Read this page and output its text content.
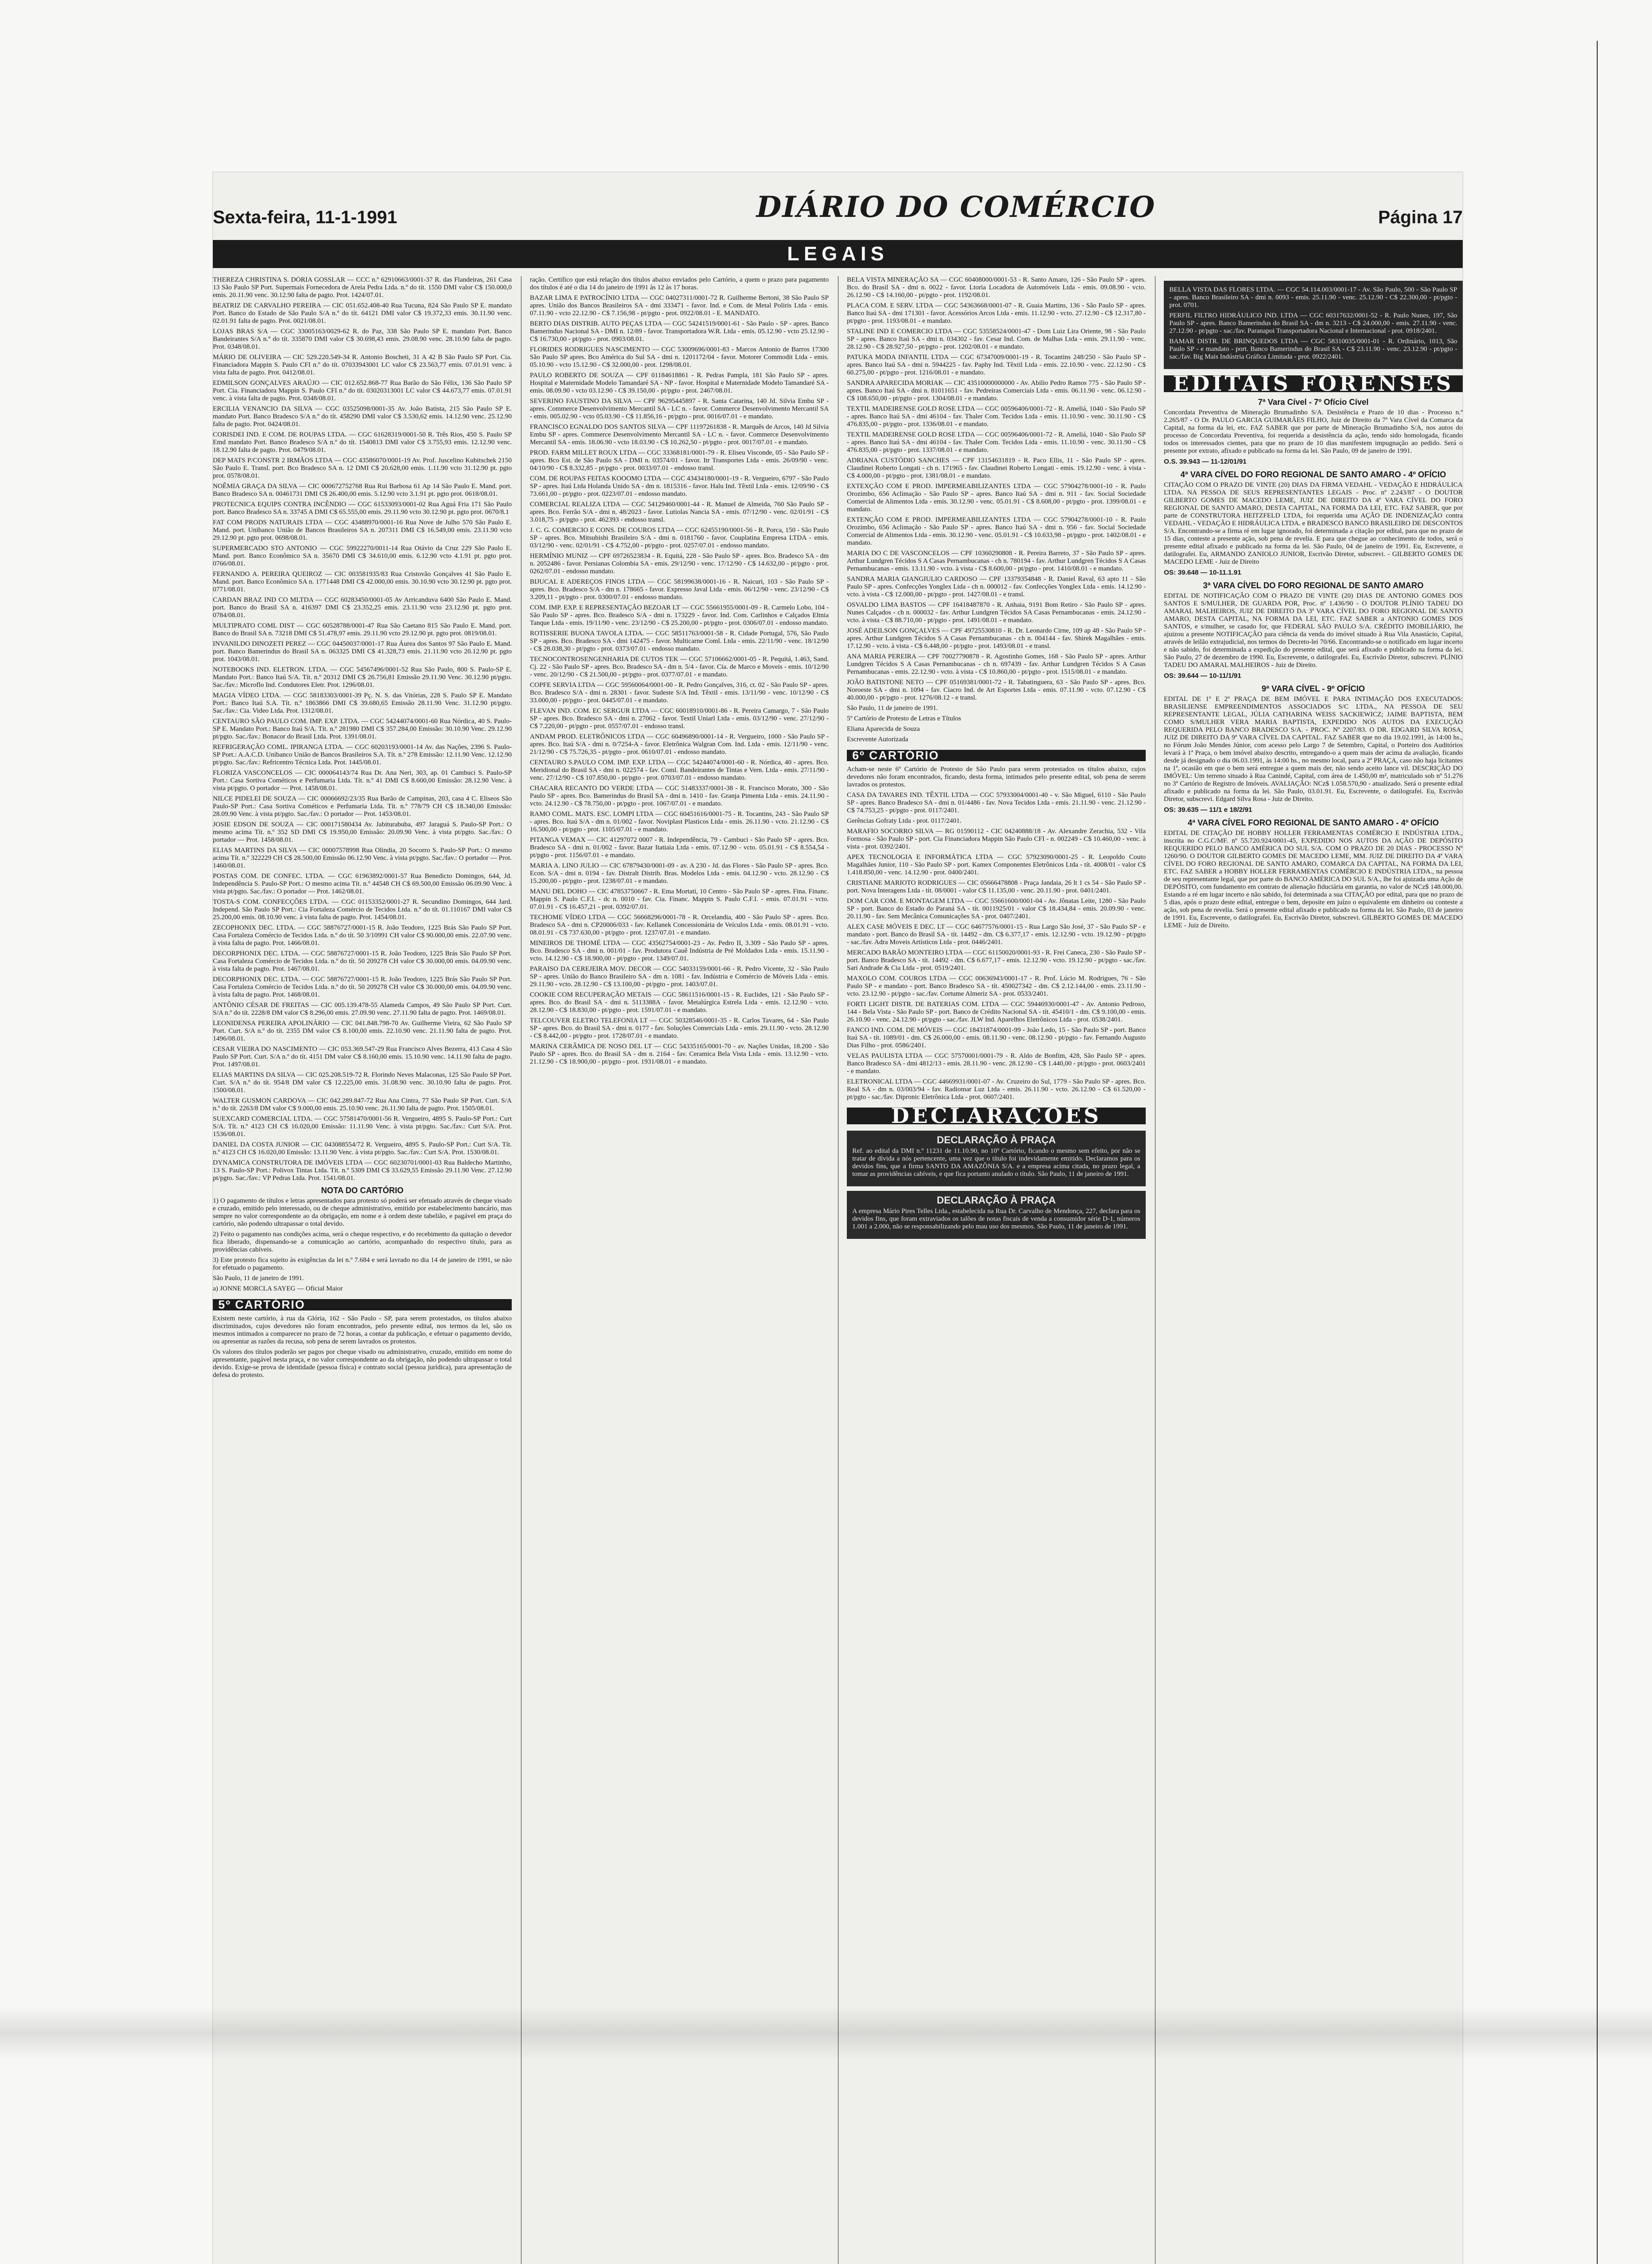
Sexta-feira, 11-1-1991	DIÁRIO DO COMÉRCIO	Página 17
LEGAIS

THEREZA CHRISTINA S. DÓRIA GOSSLAR — CCC n.º 62910663/0001-37 R. das Flandeiras, 261 Casa 13 São Paulo SP Port. Supermais Fornecedora de Areia Pedra Ltda. n.º do tít. 1550 DMI valor C$ 150.000,0 emis. 20.11.90 venc. 30.12.90 falta de pagto. Prot. 1424/07.01.

BEATRIZ DE CARVALHO PEREIRA — CIC 051.652.408-40 Rua Tucuna, 824 São Paulo SP E. mandato Port. Banco do Estado de São Paulo S/A n.º do tít. 64121 DMI valor C$ 19.372,33 emis. 30.11.90 venc. 02.01.91 falta de pagto. Prot. 0021/08.01.

LOJAS BRAS S/A — CGC 33005163/0029-62 R. do Paz, 338 São Paulo SP E. mandato Port. Banco Bandeirantes S/A n.º do tít. 335870 DMI valor C$ 30.698,43 emis. 29.08.90 venc. 28.10.90 falta de pagto. Prot. 0348/08.01.

MÁRIO DE OLIVEIRA — CIC 529.220.549-34 R. Antonio Boscheti, 31 A 42 B São Paulo SP Port. Cia. Financiadora Mappin S. Paulo CFI n.º do tít. 07033943001 LC valor C$ 23.563,77 emis. 07.01.91 venc. à vista falta de pagto. Prot. 0412/08.01.

EDMILSON GONÇALVES ARAÚJO — CIC 012.652.868-77 Rua Barão do São Félix, 136 São Paulo SP Port. Cia. Financiadora Mappin S. Paulo CFI n.º do tít. 03020313001 LC valor C$ 44.673,77 emis. 07.01.91 venc. à vista falta de pagto. Prot. 0348/08.01.

ERCILIA VENANCIO DA SILVA — CGC 03525098/0001-35 Av. João Batista, 215 São Paulo SP E. mandato Port. Banco Bradesco S/A n.º do tít. 458290 DMI valor C$ 3.530,62 emis. 14.12.90 venc. 25.12.90 falta de pagto. Prot. 0424/08.01.

CORISDEI IND. E COM. DE ROUPAS LTDA. — CGC 61628319/0001-50 R. Três Rios, 450 S. Paulo SP Emd mandato Port. Banco Bradesco S/A n.º do tít. 1540813 DMI valor C$ 3.755,93 emis. 12.12.90 venc. 18.12.90 falta de pagto. Prot. 0479/08.01.

DEP MATS P/CONSTR 2 IRMÃOS LTDA — CGC 43586070/0001-19 Av. Prof. Juscelino Kubitschek 2150 São Paulo E. Transl. port. Bco Bradesco SA n. 12 DMI C$ 20.628,00 emis. 1.11.90 vcto 31.12.90 pt. pgto prot. 0578/08.01.

NOÊMIA GRAÇA DA SILVA — CIC 000672752768 Rua Rui Barbosa 61 Ap 14 São Paulo E. Mand. port. Banco Bradesco SA n. 00461731 DMI C$ 26.400,00 emis. 5.12.90 vcto 3.1.91 pt. pgto prot. 0618/08.01.

PROTECNICA EQUIPS CONTRA INCÊNDIO — CGC 61533093/0001-02 Rua Aguá Fria 171 São Paulo port. Banco Bradesco SA n. 33745 A DMI C$ 65.555,00 emis. 29.11.90 vcto 30.12.90 pt. pgto prot. 0670/8.1

FAT COM PRODS NATURAIS LTDA — CGC 43488970/0001-16 Rua Nove de Julho 570 São Paulo E. Mand. port. Unibanco União de Bancos Brasileiros SA n. 207311 DMI C$ 16.549,00 emis. 23.11.90 vcto 29.12.90 pt. pgto prot. 0698/08.01.

SUPERMERCADO STO ANTONIO — CGC 59922270/0011-14 Rua Otávio da Cruz 229 São Paulo E. Mand. port. Banco Econômico SA n. 35670 DMI C$ 34.610,00 emis. 6.12.90 vcto 4.1.91 pt. pgto prot. 0766/08.01.

FERNANDO A. PEREIRA QUEIROZ — CIC 003581935/83 Rua Cristovão Gonçalves 41 São Paulo E. Mand. port. Banco Econômico SA n. 1771448 DMI C$ 42.000,00 emis. 30.10.90 vcto 30.12.90 pt. pgto prot. 0771/08.01.

CARDAN BRAZ IND CO MLTDA — CGC 60283450/0001-05 Av Arricanduva 6400 São Paulo E. Mand. port. Banco do Brasil SA n. 416397 DMI C$ 23.352,25 emis. 23.11.90 vcto 23.12.90 pt. pgto prot. 0784/08.01.

MULTIPRATO COML DIST — CGC 60528788/0001-47 Rua São Caetano 815 São Paulo E. Mand. port. Banco do Brasil SA n. 73218 DMI C$ 51.478,97 emis. 29.11.90 vcto 29.12.90 pt. pgto prot. 0819/08.01.

INVANILDO DINOZETI PEREZ — CGC 04450037/0001-17 Rua Áurea dos Santos 97 São Paulo E. Mand. port. Banco Bamerindus do Brasil SA n. 063325 DMI C$ 41.328,73 emis. 21.11.90 vcto 20.12.90 pt. pgto prot. 1043/08.01.

NOTEBOOKS IND. ELETRON. LTDA. — CGC 54567496/0001-52 Rua São Paulo, 800 S. Paulo-SP E. Mandato Port.: Banco Itaú S/A. Tít. n.º 20312 DMI C$ 26.756,81 Emissão 29.11.90 Venc. 30.12.90 pt/pgto. Sac./fav.: Microflo Ind. Condutores Eletr. Prot. 1296/08.01.

MAGIA VÍDEO LTDA. — CGC 58183303/0001-39 Pç. N. S. das Vitórias, 228 S. Paulo SP E. Mandato Port.: Banco Itaú S.A. Tít. n.º 1863866 DMI C$ 39.680,65 Emissão 28.11.90 Venc. 31.12.90 pt/pgto. Sac./fav.: Cia. Video Ltda. Prot. 1312/08.01.

CENTAURO SÃO PAULO COM. IMP. EXP. LTDA. — CGC 54244074/0001-60 Rua Nórdica, 40 S. Paulo-SP E. Mandato Port.: Banco Itaú S/A. Tít. n.º 281980 DMI C$ 357.284,00 Emissão: 30.10.90 Venc. 29.12.90 pt/pgto. Sac./fav.: Bonacor do Brasil Ltda. Prot. 1391/08.01.

REFRIGERAÇÃO COML. IPIRANGA LTDA. — CGC 60203193/0001-14 Av. das Nações, 2396 S. Paulo-SP Port.: A.A.C.D. Unibanco União de Bancos Brasileiros S.A. Tít. n.º 278 Emissão: 12.11.90 Venc. 12.12.90 pt/pgto. Sac./fav.: Refricentro Técnica Ltda. Prot. 1445/08.01.

FLORIZA VASCONCELOS — CIC 000064143/74 Rua Dr. Ana Neri, 303, ap. 01 Cambuci S. Paulo-SP Port.: Casa Sortiva Cométicos e Perfumaria Ltda. Tít. n.º 41 DMI C$ 8.600,00 Emissão: 28.12.90 Venc. à vista pt/pgto. O portador — Prot. 1458/08.01.

NILCE PIDELEI DE SOUZA — CIC 00066692/23/35 Rua Barão de Campinas, 203, casa 4 C. Eliseos São Paulo-SP Port.: Casa Sortiva Cométicos e Perfumaria Ltda. Tít. n.º 778/79 CH C$ 18.340,00 Emissão: 28.09.90 Venc. à vista pt/pgto. Sac./fav.: O portador — Prot. 1453/08.01.

JOSIE EDSON DE SOUZA — CIC 000171580434 Av. Jabiturabuba, 497 Jaraguá S. Paulo-SP Port.: O mesmo acima Tít. n.º 352 SD DMI C$ 19.950,00 Emissão: 20.09.90 Venc. à vista pt/pgto. Sac./fav.: O portador — Prot. 1458/08.01.

ELIAS MARTINS DA SILVA — CIC 00007578998 Rua Olindia, 20 Socorro S. Paulo-SP Port.: O mesmo acima Tít. n.º 322229 CH C$ 28.500,00 Emissão 06.12.90 Venc. à vista pt/pgto. Sac./fav.: O portador — Prot. 1460/08.01.

POSTAS COM. DE CONFEC. LTDA. — CGC 61963892/0001-57 Rua Benedicto Domingos, 644, Jd. Independência S. Paulo-SP Port.: O mesmo acima Tít. n.º 44548 CH C$ 69.500,00 Emissão 06.09.90 Venc. à vista pt/pgto. Sac./fav.: O portador — Prot. 1462/08.01.

TOSTA-S COM. CONFECÇÕES LTDA. — CGC 01153352/0001-27 R. Secundino Domingos, 644 Jard. Independ. São Paulo SP Port.: Cia Fortaleza Comércio de Tecidos Ltda. n.º do tít. 01.110167 DMI valor C$ 25.200,00 emis. 08.10.90 venc. à vista falta de pagto. Prot. 1454/08.01.

ZECOPHONIX DEC. LTDA. — CGC 58876727/0001-15 R. João Teodoro, 1225 Brás São Paulo SP Port. Casa Fortaleza Comércio de Tecidos Ltda. n.º do tít. 50 3/10991 CH valor C$ 90.000,00 emis. 22.07.90 venc. à vista falta de pagto. Prot. 1466/08.01.

DECORPHONIX DEC. LTDA. — CGC 58876727/0001-15 R. João Teodoro, 1225 Brás São Paulo SP Port. Casa Fortaleza Comércio de Tecidos Ltda. n.º do tít. 50 209278 CH valor C$ 30.000,00 emis. 04.09.90 venc. à vista falta de pagto. Prot. 1467/08.01.

DECORPHONIX DEC. LTDA. — CGC 58876727/0001-15 R. João Teodoro, 1225 Brás São Paulo SP Port. Casa Fortaleza Comércio de Tecidos Ltda. n.º do tít. 50 209278 CH valor C$ 30.000,00 emis. 04.09.90 venc. à vista falta de pagto. Prot. 1468/08.01.

ANTÔNIO CÉSAR DE FREITAS — CIC 005.139.478-55 Alameda Campos, 49 São Paulo SP Port. Curt. S/A n.º do tít. 2228/8 DM valor C$ 8.296,00 emis. 27.09.90 venc. 27.11.90 falta de pagto. Prot. 1469/08.01.

LEONIDENSA PEREIRA APOLINÁRIO — CIC 041.848.798-70 Av. Guilherme Vieira, 62 São Paulo SP Port. Curt. S/A n.º do tít. 2355 DM valor C$ 8.100,00 emis. 22.10.90 venc. 21.11.90 falta de pagto. Prot. 1496/08.01.

CESAR VIEIRA DO NASCIMENTO — CIC 053.369.547-29 Rua Francisco Alves Bezerra, 413 Casa 4 São Paulo SP Port. Curt. S/A n.º do tít. 4151 DM valor C$ 8.160,00 emis. 15.10.90 venc. 14.11.90 falta de pagto. Prot. 1497/08.01.

ELIAS MARTINS DA SILVA — CIC 025.208.519-72 R. Florindo Neves Malaconas, 125 São Paulo SP Port. Curt. S/A n.º do tít. 954/8 DM valor C$ 12.225,00 emis. 31.08.90 venc. 30.10.90 falta de pagto. Prot. 1500/08.01.

WALTER GUSMON CARDOVA — CIC 042.289.847-72 Rua Ana Cintra, 77 São Paulo SP Port. Curt. S/A n.º do tít. 2263/8 DM valor C$ 9.000,00 emis. 25.10.90 venc. 26.11.90 falta de pagto. Prot. 1505/08.01.

SUEXCARD COMERCIAL LTDA. — CGC 57581470/0001-56 R. Vergueiro, 4895 S. Paulo-SP Port.: Curt S/A. Tít. n.º 4123 CH C$ 16.020,00 Emissão: 11.11.90 Venc. à vista pt/pgto. Sac./fav.: Curt S/A. Prot. 1536/08.01.

DANIEL DA COSTA JUNIOR — CIC 043088554/72 R. Vergueiro, 4895 S. Paulo-SP Port.: Curt S/A. Tít. n.º 4123 CH C$ 16.020,00 Emissão: 13.11.90 Venc. à vista pt/pgto. Sac./fav.: Curt S/A. Prot. 1530/08.01.

DYNAMICA CONSTRUTORA DE IMÓVEIS LTDA — CGC 60230701/0001-03 Rua Baldecho Martinho, 13 S. Paulo-SP Port.: Polivox Tintas Ltda. Tít. n.º 5309 DMI C$ 33.629,55 Emissão 29.11.90 Venc. 27.12.90 pt/pgto. Sac./fav.: VP Pedras Ltda. Prot. 1541/08.01.

NOTA DO CARTÓRIO

1) O pagamento de títulos e letras apresentados para protesto só poderá ser efetuado através de cheque visado e cruzado, emitido pelo interessado, ou de cheque administrativo, emitido por estabelecimento bancário, mas sempre no valor correspondente ao da obrigação, em nome e à ordem deste tabelião, e pagável em praça do cartório, não podendo ultrapassar o total devido.

2) Feito o pagamento nas condições acima, será o cheque respectivo, e do recebimento da quitação o devedor fica liberado, dispensando-se a comunicação ao cartório, acompanhado do respectivo título, para as providências cabíveis.

3) Este protesto fica sujeito às exigências da lei n.º 7.684 e será lavrado no dia 14 de janeiro de 1991, se não for efetuado o pagamento.

São Paulo, 11 de janeiro de 1991.

a) JONNE MORCLA SAYEG — Oficial Maior

5º CARTÓRIO

Existem neste cartório, à rua da Glória, 162 - São Paulo - SP, para serem protestados, os títulos abaixo discriminados, cujos devedores não foram encontrados, pelo presente edital, nos termos da lei, são os mesmos intimados a comparecer no prazo de 72 horas, a contar da publicação, e efetuar o pagamento devido, ou apresentar as razões da recusa, sob pena de serem lavrados os protestos.

Os valores dos títulos poderão ser pagos por cheque visado ou administrativo, cruzado, emitido em nome do apresentante, pagável nesta praça, e no valor correspondente ao da obrigação, não podendo ultrapassar o total devido. Exige-se prova de identidade (pessoa física) e contrato social (pessoa jurídica), para apresentação de defesa do protesto.

ração. Certifico que está relação dos títulos abaixo enviados pelo Cartório, a quem o prazo para pagamento dos títulos é até o dia 14 do janeiro de 1991 às 12 às 17 horas.

BAZAR LIMA E PATROCÍNIO LTDA — CGC 04027311/0001-72 R. Guilherme Bertoni, 38 São Paulo SP apres. União dos Bancos Brasileiros SA - dmi 333471 - favor. Ind. e Com. de Metal Poliris Ltda - emis. 07.11.90 - vcto 22.12.90 - C$ 7.156,98 - pt/pgto - prot. 0922/08.01 - E. MANDATO.

BERTO DIAS DISTRIB. AUTO PEÇAS LTDA — CGC 54241519/0001-61 - São Paulo - SP - apres. Banco Bamerindus Nacional SA - DMI n. 12/89 - favor. Transportadora W.R. Ltda - emis. 05.12.90 - vcto 25.12.90 - C$ 16.730,00 - pt/pgto - prot. 0903/08.01.

FLORIDES RODRIGUES NASCIMENTO — CGC 53009696/0001-83 - Marcos Antonio de Barros 17300 São Paulo SP apres. Bco América do Sul SA - dmi n. 1201172/04 - favor. Motorer Commodit Ltda - emis. 05.10.90 - vcto 15.12.90 - C$ 32.000,00 - prot. 1298/08.01.

PAULO ROBERTO DE SOUZA — CPF 01184618861 - R. Pedras Pampla, 181 São Paulo SP - apres. Hospital e Maternidade Modelo Tamandaré SA - NP - favor. Hospital e Maternidade Modelo Tamandaré SA - emis. 08.09.90 - vcto 03.12.90 - C$ 39.150,00 - pt/pgto - prot. 2467/08.01.

SEVERINO FAUSTINO DA SILVA — CPF 96295445897 - R. Santa Catarina, 140 Jd. Silvia Embu SP - apres. Commerce Desenvolvimento Mercantil SA - LC n. - favor. Commerce Desenvolvimento Mercantil SA - emis. 005.02.90 - vcto 05.03.90 - C$ 11.856,16 - pt/pgto - prot. 0016/07.01 - e mandato.

FRANCISCO EGNALDO DOS SANTOS SILVA — CPF 11197261838 - R. Marquês de Arcos, 140 Jd Silvia Embu SP - apres. Commerce Desenvolvimento Mercantil SA - LC n. - favor. Commerce Desenvolvimento Mercantil SA - emis. 18.06.90 - vcto 18.03.90 - C$ 10.262,50 - pt/pgto - prot. 0017/07.01 - e mandato.

PROD. FARM MILLET ROUX LTDA — CGC 33368181/0001-79 - R. Eliseu Visconde, 05 - São Paulo SP - apres. Bco Est. de São Paulo SA - DMI n. 03574/01 - favor. Itr Transportes Ltda - emis. 26/09/90 - venc. 04/10/90 - C$ 8.332,85 - pt/pgto - prot. 0033/07.01 - endosso transl.

COM. DE ROUPAS FEITAS KOOOMO LTDA — CGC 43434180/0001-19 - R. Vergueiro, 6797 - São Paulo SP - apres. Itaú Ltda Holanda Unido SA - dm n. 1815316 - favor. Halu Ind. Têxtil Ltda - emis. 12/09/90 - C$ 73.661,00 - pt/pgto - prot. 0223/07.01 - endosso mandato.

COMERCIAL REALIZA LTDA — CGC 54129460/0001-44 - R. Manuel de Almeida, 760 São Paulo SP - apres. Bco. Ferrão S/A - dmi n. 48/2023 - favor. Lutiolas Nancia SA - emis. 07/12/90 - venc. 02/01/91 - C$ 3.018,75 - pt/pgto - prot. 462393 - endosso transl.

J. C. G. COMERCIO E CONS. DE COUROS LTDA — CGC 62455190/0001-56 - R. Porca, 150 - São Paulo SP - apres. Bco. Mitsubishi Brasileiro S/A - dmi n. 0181760 - favor. Couplatina Empresa LTDA - emis. 03/12/90 - venc. 02/01/91 - C$ 4.752,00 - pt/pgto - prot. 0257/07.01 - endosso mandato.

HERMÍNIO MUNIZ — CPF 69726523834 - R. Equitá, 228 - São Paulo SP - apres. Bco. Bradesco SA - dm n. 2052486 - favor. Persianas Colombia SA - emis. 29/12/90 - venc. 17/12/90 - C$ 14.632,00 - pt/pgto - prot. 0262/07.01 - endosso mandato.

BIJUCAL E ADEREÇOS FINOS LTDA — CGC 58199638/0001-16 - R. Naicuri, 103 - São Paulo SP - apres. Bco. Bradesco S/A - dm n. 178665 - favor. Expresso Javal Ltda - emis. 06/12/90 - venc. 23/12/90 - C$ 3.209,11 - pt/pgto - prot. 0300/07.01 - endosso mandato.

COM. IMP. EXP. E REPRESENTAÇÃO BEZOAR LT — CGC 55661955/0001-09 - R. Carmelo Lobo, 104 - São Paulo SP - apres. Bco. Bradesco S/A - dmi n. 173229 - favor. Ind. Com. Carlinhos e Calçados Eltnia Tanque Ltda - emis. 19/11/90 - venc. 23/12/90 - C$ 25.200,00 - pt/pgto - prot. 0306/07.01 - endosso mandato.

ROTISSERIE BUONA TAVOLA LTDA. — CGC 58511763/0001-58 - R. Cidade Portugal, 576, São Paulo SP - apres. Bco. Bradesco SA - dmi 142475 - favor. Multicarne Coml. Ltda - emis. 22/11/90 - venc. 18/12/90 - C$ 28.038,30 - pt/pgto - prot. 0373/07.01 - endosso mandato.

TECNOCONTROSENGENHARIA DE CUTOS TEK — CGC 57106662/0001-05 - R. Pequitá, 1.463, Sand. Cj. 22 - São Paulo SP - apres. Bco. Bradesco SA - dm n. 5/4 - favor. Cia. de Marco e Moveis - emis. 10/12/90 - venc. 20/12/90 - C$ 21.500,00 - pt/pgto - prot. 0377/07.01 - e mandato.

COPFE SERVIA LTDA — CGC 59560064/0001-00 - R. Pedro Gonçalves, 316, ct. 02 - São Paulo SP - apres. Bco. Bradesco S/A - dmi n. 28301 - favor. Sudeste S/A Ind. Têxtil - emis. 13/11/90 - venc. 10/12/90 - C$ 33.000,00 - pt/pgto - prot. 0445/07.01 - e mandato.

FLEVAN IND. COM. EC SERGUR LTDA — CGC 60018910/0001-86 - R. Pereira Camargo, 7 - São Paulo SP - apres. Bco. Bradesco SA - dmi n. 27062 - favor. Textil Uniarl Ltda - emis. 03/12/90 - venc. 27/12/90 - C$ 7.220,00 - pt/pgto - prot. 0557/07.01 - endosso transl.

ANDAM PROD. ELETRÔNICOS LTDA — CGC 60496890/0001-14 - R. Vergueiro, 1000 - São Paulo SP - apres. Bco. Itaú S/A - dmi n. 0/7254-A - favor. Eletrônica Walgran Com. Ind. Ltda - emis. 12/11/90 - venc. 21/12/90 - C$ 75.726,35 - pt/pgto - prot. 0610/07.01 - endosso mandato.

CENTAURO S.PAULO COM. IMP. EXP. LTDA — CGC 54244074/0001-60 - R. Nórdica, 40 - apres. Bco. Meridional do Brasil SA - dmi n. 022574 - fav. Coml. Bandeirantes de Tintas e Vern. Ltda - emis. 27/11/90 - venc. 27/12/90 - C$ 107.850,00 - pt/pgto - prot. 0703/07.01 - endosso mandato.

CHACARA RECANTO DO VERDE LTDA — CGC 51483337/0001-38 - R. Francisco Morato, 300 - São Paulo SP - apres. Bco. Bamerindus do Brasil SA - dmi n. 1410 - fav. Granja Pimenta Ltda - emis. 24.11.90 - vcto. 24.12.90 - C$ 78.750,00 - pt/pgto - prot. 1067/07.01 - e mandato.

RAMO COML. MATS. ESC. LOMPI LTDA — CGC 60451616/0001-75 - R. Tocantins, 243 - São Paulo SP - apres. Bco. Itaú S/A - dm n. 01/002 - favor. Noviplast Plasticos Ltda - emis. 26.11.90 - vcto. 21.12.90 - C$ 16.500,00 - pt/pgto - prot. 1105/07.01 - e mandato.

PITANGA VEMAX — CIC 41297072 0007 - R. Independência, 79 - Cambuci - São Paulo SP - apres. Bco. Bradesco SA - dmi n. 01/002 - favor. Bazar Itatiaia Ltda - emis. 07.12.90 - vcto. 05.01.91 - C$ 8.554,54 - pt/pgto - prot. 1156/07.01 - e mandato.

MARIA A. LINO JULIO — CIC 67879430/0001-09 - av. A 230 - Jd. das Flores - São Paulo SP - apres. Bco. Econ. S/A - dmi n. 0194 - fav. Distralt Distrib. Bras. Modelos Ltda - emis. 04.12.90 - vcto. 28.12.90 - C$ 15.200,00 - pt/pgto - prot. 1238/07.01 - e mandato.

MANU DEL DOHO — CIC 47853750667 - R. Ema Mortati, 10 Centro - São Paulo SP - apres. Fina. Financ. Mappin S. Paulo C.F.I. - dc n. 0010 - fav. Cia. Financ. Mappin S. Paulo C.F.I. - emis. 07.01.91 - vcto. 07.01.91 - C$ 16.457,21 - prot. 0392/07.01.

TECHOME VÍDEO LTDA — CGC 56668296/0001-78 - R. Orcelandia, 400 - São Paulo SP - apres. Bco. Bradesco SA - dmi n. CP20006/033 - fav. Kellanek Concessionária de Veículos Ltda - emis. 08.01.91 - vcto. 08.01.91 - C$ 737.630,00 - pt/pgto - prot. 1237/07.01 - e mandato.

MINEIROS DE THOMÉ LTDA — CGC 43562754/0001-23 - Av. Pedro II, 3.309 - São Paulo SP - apres. Bco. Bradesco SA - dmi n. 001/01 - fav. Produtora Cauê Indústria de Pré Moldados Ltda - emis. 15.11.90 - vcto. 14.12.90 - C$ 18.900,00 - pt/pgto - prot. 1349/07.01.

PARAISO DA CEREJEIRA MOV. DECOR — CGC 54033159/0001-66 - R. Pedro Vicente, 32 - São Paulo SP - apres. União do Banco Brasileiro SA - dm n. 1081 - fav. Indústria e Comércio de Móveis Ltda - emis. 29.11.90 - vcto. 28.12.90 - C$ 13.100,00 - pt/pgto - prot. 1403/07.01.

COOKIE COM RECUPERAÇÃO METAIS — CGC 58611516/0001-15 - R. Euclides, 121 - São Paulo SP - apres. Bco. do Brasil SA - dmi n. 5113388A - favor. Metalúrgica Estrela Ltda - emis. 12.12.90 - vcto. 28.12.90 - C$ 18.830,00 - pt/pgto - prot. 1591/07.01 - e mandato.

TELCOUVER ELETRO TELEFONIA LT — CGC 50328546/0001-35 - R. Carlos Tavares, 64 - São Paulo SP - apres. Bco. do Brasil SA - dmi n. 0177 - fav. Soluções Comerciais Ltda - emis. 29.11.90 - vcto. 28.12.90 - C$ 8.442,00 - pt/pgto - prot. 1728/07.01 - e mandato.

MARINA CERÂMICA DE NOSO DEL LT — CGC 54335165/0001-70 - av. Nações Unidas, 18.200 - São Paulo SP - apres. Bco. do Brasil SA - dm n. 2164 - fav. Ceramica Bela Vista Ltda - emis. 13.12.90 - vcto. 21.12.90 - C$ 18.900,00 - pt/pgto - prot. 1931/08.01 - e mandato.

BELA VISTA MINERAÇÃO SA — CGC 60408000/0001-53 - R. Santo Amaro, 126 - São Paulo SP - apres. Bco. do Brasil SA - dmi n. 0022 - favor. Ltoria Locadora de Automóveis Ltda - emis. 09.08.90 - vcto. 26.12.90 - C$ 14.160,00 - pt/pgto - prot. 1192/08.01.

PLACA COM. E SERV. LTDA — CGC 54363668/0001-07 - R. Guaia Martins, 136 - São Paulo SP - apres. Banco Itaú SA - dmi 171301 - favor. Acessórios Arcos Ltda - emis. 11.12.90 - vcto. 27.12.90 - C$ 12.317,80 - pt/pgto - prot. 1193/08.01 - e mandato.

STALINE IND E COMERCIO LTDA — CGC 53558524/0001-47 - Dom Luiz Lira Oriente, 98 - São Paulo SP - apres. Banco Itaú SA - dmi n. 034302 - fav. Cesar Ind. Com. de Malhas Ltda - emis. 29.11.90 - venc. 28.12.90 - C$ 28.927,50 - pt/pgto - prot. 1202/08.01 - e mandato.

PATUKA MODA INFANTIL LTDA — CGC 67347009/0001-19 - R. Tocantins 248/250 - São Paulo SP - apres. Banco Itaú SA - dmi n. 5944225 - fav. Paphy Ind. Têxtil Ltda - emis. 22.10.90 - venc. 22.12.90 - C$ 60.275,00 - pt/pgto - prot. 1216/08.01 - e mandato.

SANDRA APARECIDA MORIAK — CIC 43510000000000 - Av. Abilio Pedro Ramos 775 - São Paulo SP - apres. Banco Itaú SA - dmi n. 81011651 - fav. Pedreiras Comerciais Ltda - emis. 06.11.90 - venc. 06.12.90 - C$ 108.650,00 - pt/pgto - prot. 1304/08.01 - e mandato.

TEXTIL MADEIRENSE GOLD ROSE LTDA — CGC 00596406/0001-72 - R. Ameliá, 1040 - São Paulo SP - apres. Banco Itaú SA - dmi 46104 - fav. Thaler Com. Tecidos Ltda - emis. 11.10.90 - venc. 30.11.90 - C$ 476.835,00 - pt/pgto - prot. 1336/08.01 - e mandato.

TEXTIL MADEIRENSE GOLD ROSE LTDA — CGC 00596406/0001-72 - R. Ameliá, 1040 - São Paulo SP - apres. Banco Itaú SA - dmi 46104 - fav. Thaler Com. Tecidos Ltda - emis. 11.10.90 - venc. 30.11.90 - C$ 476.835,00 - pt/pgto - prot. 1337/08.01 - e mandato.

ADRIANA CUSTÓDIO SANCHES — CPF 13154631819 - R. Paco Ellis, 11 - São Paulo SP - apres. Claudinei Roberto Longati - ch n. 171965 - fav. Claudinei Roberto Longati - emis. 19.12.90 - venc. à vista - C$ 4.000,00 - pt/pgto - prot. 1381/08.01 - e mandato.

EXTEXÇÃO COM E PROD. IMPERMEABILIZANTES LTDA — CGC 57904278/0001-10 - R. Paulo Orozimbo, 656 Aclimação - São Paulo SP - apres. Banco Itaú SA - dmi n. 911 - fav. Social Sociedade Comercial de Alimentos Ltda - emis. 30.12.90 - venc. 05.01.91 - C$ 8.608,00 - pt/pgto - prot. 1399/08.01 - e mandato.

EXTENÇÃO COM E PROD. IMPERMEABILIZANTES LTDA — CGC 57904278/0001-10 - R. Paulo Orozimbo, 656 Aclimação - São Paulo SP - apres. Banco Itaú SA - dmi n. 956 - fav. Social Sociedade Comercial de Alimentos Ltda - emis. 30.12.90 - venc. 05.01.91 - C$ 10.633,98 - pt/pgto - prot. 1402/08.01 - e mandato.

MARIA DO C DE VASCONCELOS — CPF 10360290808 - R. Pereira Barreto, 37 - São Paulo SP - apres. Arthur Lundgren Técidos S A Casas Pernambucanas - ch n. 780194 - fav. Arthur Lundgren Técidos S A Casas Pernambucanas - emis. 13.11.90 - vcto. à vista - C$ 8.600,00 - pt/pgto - prot. 1410/08.01 - e mandato.

SANDRA MARIA GIANGIULIO CARDOSO — CPF 13379354848 - R. Daniel Raval, 63 apto 11 - São Paulo SP - apres. Confecções Yonglex Ltda - ch n. 000012 - fav. Confecções Yonglex Ltda - emis. 14.12.90 - vcto. à vista - C$ 12.000,00 - pt/pgto - prot. 1427/08.01 - e transl.

OSVALDO LIMA BASTOS — CPF 16418487870 - R. Anhaia, 9191 Bom Retiro - São Paulo SP - apres. Nunes Calçados - ch n. 000032 - fav. Arthur Lundgren Técidos SA Casas Pernambucanas - emis. 24.12.90 - vcto. à vista - C$ 88.710,00 - pt/pgto - prot. 1491/08.01 - e mandato.

JOSÉ ADEILSON GONÇALVES — CPF 49725530810 - R. Dr. Leonardo Cirne, 109 ap 48 - São Paulo SP - apres. Arthur Lundgren Técidos S A Casas Pernambucanas - ch n. 004144 - fav. Shirek Magalhães - emis. 17.12.90 - vcto. à vista - C$ 6.448,00 - pt/pgto - prot. 1493/08.01 - e transl.

ANA MARIA PEREIRA — CPF 70027790878 - R. Agostinho Gomes, 168 - São Paulo SP - apres. Arthur Lundgren Técidos S A Casas Pernambucanas - ch n. 697439 - fav. Arthur Lundgren Técidos S A Casas Pernambucanas - emis. 22.12.90 - vcto. à vista - C$ 10.860,00 - pt/pgto - prot. 1515/08.01 - e mandato.

JOÃO BATISTONE NETO — CPF 05169381/0001-72 - R. Tabatinguera, 63 - São Paulo SP - apres. Bco. Noroeste SA - dmi n. 1094 - fav. Ciacro Ind. de Art Esportes Ltda - emis. 07.11.90 - vcto. 07.12.90 - C$ 40.000,00 - pt/pgto - prot. 1276/08.12 - e transl.

São Paulo, 11 de janeiro de 1991.

5º Cartório de Protesto de Letras e Títulos

Eliana Aparecida de Souza

Escrevente Autorizada

6º CARTÓRIO

Acham-se neste 6º Cartório de Protesto de São Paulo para serem protestados os títulos abaixo, cujos devedores não foram encontrados, ficando, desta forma, intimados pelo presente edital, sob pena de serem lavrados os protestos.

CASA DA TAVARES IND. TÊXTIL LTDA — CGC 57933004/0001-40 - v. São Miguel, 6110 - São Paulo SP - apres. Banco Bradesco SA - dmi n. 01/4486 - fav. Nova Tecidos Ltda - emis. 21.11.90 - venc. 21.12.90 - C$ 74.753,25 - pt/pgto - prot. 0117/2401.

Gerências Gofraty Ltda - prot. 0117/2401.

MARAFIO SOCORRO SILVA — RG 01590112 - CIC 04240888/18 - Av. Alexandre Zerachia, 532 - Vila Formosa - São Paulo SP - port. Cia Financiadora Mappin São Paulo CFI - n. 002249 - C$ 10.460,00 - venc. à vista - prot. 0392/2401.

APEX TECNOLOGIA E INFORMÁTICA LTDA — CGC 57923090/0001-25 - R. Leopoldo Couto Magalhães Junior, 110 - São Paulo SP - port. Kamex Componentes Eletrônicos Ltda - tít. 4008/01 - valor C$ 1.418.850,00 - venc. 14.12.90 - prot. 0400/2401.

CRISTIANE MARIOTO RODRIGUES — CIC 05666478808 - Praça Jandaia, 26 lt 1 cs 54 - São Paulo SP - port. Nova Interagens Ltda - tít. 08/0001 - valor C$ 11.135,00 - venc. 20.11.90 - prot. 0401/2401.

DOM CAR COM. E MONTAGEM LTDA — CGC 55661600/0001-04 - Av. Jônatas Leite, 1280 - São Paulo SP - port. Banco do Estado do Paraná SA - tít. 0011925/01 - valor C$ 18.434,84 - emis. 20.09.90 - venc. 20.11.90 - fav. Sem Mecânica Comunicações SA - prot. 0407/2401.

ALEX CASE MÓVEIS E DEC. LT — CGC 64677576/0001-15 - Rua Largo São José, 37 - São Paulo SP - e mandato - port. Banco do Brasil SA - tít. 14492 - dm. C$ 6.377,17 - emis. 12.12.90 - vcto. 19.12.90 - pt/pgto - sac./fav. Adra Moveis Artísticos Ltda - prot. 0446/2401.

MERCADO BARÃO MONTEIRO LTDA — CGC 61150020/0001-93 - R. Frei Caneca, 230 - São Paulo SP - port. Banco Bradesco SA - tít. 14492 - dm. C$ 6.677,17 - emis. 12.12.90 - vcto. 19.12.90 - pt/pgto - sac./fav. Sari Andrade & Cia Ltda - prot. 0519/2401.

MAXOLO COM. COUROS LTDA — CGC 00636943/0001-17 - R. Prof. Lúcio M. Rodrigues, 76 - São Paulo SP - e mandato - port. Banco Bradesco SA - tít. 450027342 - dm. C$ 2.12.144,00 - emis. 23.11.90 - vcto. 23.12.90 - pt/pgto - sac./fav. Cortume Almeriz SA - prot. 0533/2401.

FORTI LIGHT DISTR. DE BATERIAS COM. LTDA — CGC 59446930/0001-47 - Av. Antonio Pedroso, 144 - Bela Vista - São Paulo SP - port. Banco de Crédito Nacional SA - tít. 45410/1 - dm. C$ 9.100,00 - emis. 26.10.90 - venc. 24.12.90 - pt/pgto - sac./fav. JLW Ind. Aparelhos Eletrônicos Ltda - prot. 0538/2401.

FANCO IND. COM. DE MÓVEIS — CGC 18431874/0001-99 - João Ledo, 15 - São Paulo SP - port. Banco Itaú SA - tít. 1089/01 - dm. C$ 26.000,00 - emis. 08.11.90 - venc. 08.12.90 - pt/pgto - fav. Fernando Augusto Dias Filho - prot. 0586/2401.

VELAS PAULISTA LTDA — CGC 57570001/0001-79 - R. Aldo de Bonfim, 428, São Paulo SP - apres. Banco Bradesco SA - dmi 4812/13 - emis. 28.11.90 - venc. 28.12.90 - C$ 1.440,00 - pt/pgto - prot. 0603/2401 - e mandato.

ELETRONICAL LTDA — CGC 44669931/0001-07 - Av. Cruzeiro do Sul, 1779 - São Paulo SP - apres. Bco. Real SA - dm n. 03/003/94 - fav. Radiomar Luz Ltda - emis. 26.11.90 - vcto. 26.12.90 - C$ 61.520,00 - pt/pgto - sac./fav. Dipronic Eletrônica Ltda - prot. 0607/2401.

DECLARAÇÕES
DECLARAÇÃO À PRAÇA

Ref. ao edital da DMI n.º 11231 de 11.10.90, no 10º Cartório, ficando o mesmo sem efeito, por não se tratar de dívida a nós pertencente, uma vez que o título foi indevidamente emitido. Declaramos para os devidos fins, que a firma SANTO DA AMAZÔNIA S/A. e a empresa acima citada, no prazo legal, a tomar as providências cabíveis, e que fica portanto anulado o título. São Paulo, 11 de janeiro de 1991.

DECLARAÇÃO À PRAÇA

A empresa Mário Pires Telles Ltda., estabelecida na Rua Dr. Carvalho de Mendonça, 227, declara para os devidos fins, que foram extraviados os talões de notas fiscais de venda a consumidor série D-1, números 1.001 a 2.000, não se responsabilizando pelo mau uso dos mesmos. São Paulo, 11 de janeiro de 1991.

BELLA VISTA DAS FLORES LTDA. — CGC 54.114.003/0001-17 - Av. São Paulo, 500 - São Paulo SP - apres. Banco Brasileiro SA - dmi n. 0093 - emis. 25.11.90 - venc. 25.12.90 - C$ 22.300,00 - pt/pgto - prot. 0701.

PERFIL FILTRO HIDRÁULICO IND. LTDA — CGC 60317632/0001-52 - R. Paulo Nunes, 197, São Paulo SP - apres. Banco Bamerindus do Brasil SA - dm n. 3213 - C$ 24.000,00 - emis. 27.11.90 - venc. 27.12.90 - pt/pgto - sac./fav. Paranapoi Transportadora Nacional e Internacional - prot. 0918/2401.

BAMAR DISTR. DE BRINQUEDOS LTDA — CGC 58310035/0001-01 - R. Ordinário, 1013, São Paulo SP - e mandato - port. Banco Bamerindus do Brasil SA - C$ 23.11.90 - venc. 23.12.90 - pt/pgto - sac./fav. Big Mais Indústria Gráfica Limitada - prot. 0922/2401.

EDITAIS FORENSES
7ª Vara Cível - 7º Ofício Cível

Concordata Preventiva de Mineração Brumadinho S/A. Desistência e Prazo de 10 dias - Processo n.º 2.265/87 - O Dr. PAULO GARCIA GUIMARÃES FILHO, Juiz de Direito da 7ª Vara Cível da Comarca da Capital, na forma da lei, etc. FAZ SABER que por parte de Mineração Brumadinho S/A, nos autos do processo de Concordata Preventiva, foi requerida a desistência da ação, tendo sido homologada, ficando todos os interessados cientes, para que no prazo de 10 dias manifestem impugnação ao pedido. Será o presente por extrato, afixado e publicado na forma da lei. São Paulo, 09 de janeiro de 1991.

O.S. 39.943 — 11-12/01/91
4ª VARA CÍVEL DO FORO REGIONAL DE SANTO AMARO - 4º OFÍCIO

CITAÇÃO COM O PRAZO DE VINTE (20) DIAS DA FIRMA VEDAHL - VEDAÇÃO E HIDRÁULICA LTDA. NA PESSOA DE SEUS REPRESENTANTES LEGAIS - Proc. nº 2.243/87 - O DOUTOR GILBERTO GOMES DE MACEDO LEME, JUIZ DE DIREITO DA 4ª VARA CÍVEL DO FORO REGIONAL DE SANTO AMARO, DESTA CAPITAL, NA FORMA DA LEI, ETC. FAZ SABER, que por parte de CONSTRUTORA HEITZFELD LTDA, foi requerida uma AÇÃO DE INDENIZAÇÃO contra VEDAHL - VEDAÇÃO E HIDRÁULICA LTDA. e BRADESCO BANCO BRASILEIRO DE DESCONTOS S/A. Encontrando-se a firma ré em lugar ignorado, foi determinada a citação por edital, para que no prazo de 15 dias, conteste a presente ação, sob pena de revelia. E para que chegue ao conhecimento de todos, será o presente edital afixado e publicado na forma da lei. São Paulo, 04 de janeiro de 1991. Eu, Escrevente, o datilografei. Eu, ARMANDO ZANIOLO JUNIOR, Escrivão Diretor, subscrevi. - GILBERTO GOMES DE MACEDO LEME - Juiz de Direito

OS: 39.648 — 10-11.1.91
3ª VARA CÍVEL DO FORO REGIONAL DE SANTO AMARO

EDITAL DE NOTIFICAÇÃO COM O PRAZO DE VINTE (20) DIAS DE ANTONIO GOMES DOS SANTOS E S/MULHER, DE GUARDA POR, Proc. nº 1.436/90 - O DOUTOR PLÍNIO TADEU DO AMARAL MALHEIROS, JUIZ DE DIREITO DA 3ª VARA CÍVEL DO FORO REGIONAL DE SANTO AMARO, DESTA CAPITAL, NA FORMA DA LEI, ETC. FAZ SABER a ANTONIO GOMES DOS SANTOS, e s/mulher, se casado for, que FEDERAL SÃO PAULO S/A. CRÉDITO IMOBILIÁRIO, lhe ajuizou a presente NOTIFICAÇÃO para ciência da venda do imóvel situado à Rua Vila Anastácio, Capital, através de leilão extrajudicial, nos termos do Decreto-lei 70/66. Encontrando-se o notificado em lugar incerto e não sabido, foi determinada a expedição do presente edital, que será afixado e publicado na forma da lei. São Paulo, 27 de dezembro de 1990. Eu, Escrevente, o datilografei. Eu, Escrivão Diretor, subscrevi. PLÍNIO TADEU DO AMARAL MALHEIROS - Juiz de Direito.

OS: 39.644 — 10-11/1/91
9ª VARA CÍVEL - 9º OFÍCIO

EDITAL DE 1º E 2º PRAÇA DE BEM IMÓVEL E PARA INTIMAÇÃO DOS EXECUTADOS: BRASILIENSE EMPREENDIMENTOS ASSOCIADOS S/C LTDA., NA PESSOA DE SEU REPRESENTANTE LEGAL, JÚLIA CATHARINA WEISS SACKIEWICZ; JAIME BAPTISTA, BEM COMO S/MULHER VERA MARIA BAPTISTA, EXPEDIDO NOS AUTOS DA EXECUÇÃO REQUERIDA PELO BANCO BRADESCO S/A. - PROC. Nº 2207/83. O DR. EDGARD SILVA ROSA, JUIZ DE DIREITO DA 9ª VARA CÍVEL DA CAPITAL. FAZ SABER que no dia 19.02.1991, às 14:00 hs., no Fórum João Mendes Júnior, com acesso pelo Largo 7 de Setembro, Capital, o Porteiro dos Auditórios levará à 1ª Praça, o bem imóvel abaixo descrito, entregando-o a quem mais der acima da avaliação, ficando desde já designado o dia 06.03.1991, às 14:00 hs., no mesmo local, para a 2ª PRAÇA, caso não haja licitantes na 1ª, ocasião em que o bem será entregue a quem mais der, não sendo aceito lance vil. DESCRIÇÃO DO IMÓVEL: Um terreno situado à Rua Canindé, Capital, com área de 1.450,00 m², matriculado sob nº 51.276 no 3º Cartório de Registro de Imóveis. AVALIAÇÃO: NCz$ 1.058.570,90 - atualizado. Será o presente edital afixado e publicado na forma da lei. São Paulo, 03.01.91. Eu, Escrevente, o datilografei. Eu, Escrivão Diretor, subscrevi. Edgard Silva Rosa - Juiz de Direito.

OS: 39.635 — 11/1 e 18/2/91
4ª VARA CÍVEL FORO REGIONAL DE SANTO AMARO - 4º OFÍCIO

EDITAL DE CITAÇÃO DE HOBBY HOLLER FERRAMENTAS COMÉRCIO E INDÚSTRIA LTDA., inscrita no C.G.C/MF. nº 55.720.924/0001-45, EXPEDIDO NOS AUTOS DA AÇÃO DE DEPÓSITO REQUERIDO PELO BANCO AMÉRICA DO SUL S/A. COM O PRAZO DE 20 DIAS - PROCESSO Nº 1260/90. O DOUTOR GILBERTO GOMES DE MACEDO LEME, MM. JUIZ DE DIREITO DA 4ª VARA CÍVEL DO FORO REGIONAL DE SANTO AMARO, COMARCA DA CAPITAL, NA FORMA DA LEI, ETC. FAZ SABER a HOBBY HOLLER FERRAMENTAS COMÉRCIO E INDÚSTRIA LTDA., na pessoa de seu representante legal, que por parte do BANCO AMÉRICA DO SUL S/A., lhe foi ajuizada uma Ação de DEPÓSITO, com fundamento em contrato de alienação fiduciária em garantia, no valor de NCz$ 148.000,00. Estando a ré em lugar incerto e não sabido, foi determinada a sua CITAÇÃO por edital, para que no prazo de 5 dias, após o prazo deste edital, entregue o bem, deposite em juízo o equivalente em dinheiro ou conteste a ação, sob pena de revelia. Será o presente edital afixado e publicado na forma da lei. São Paulo, 03 de janeiro de 1991. Eu, Escrevente, o datilografei. Eu, Escrivão Diretor, subscrevi. GILBERTO GOMES DE MACEDO LEME - Juiz de Direito.
